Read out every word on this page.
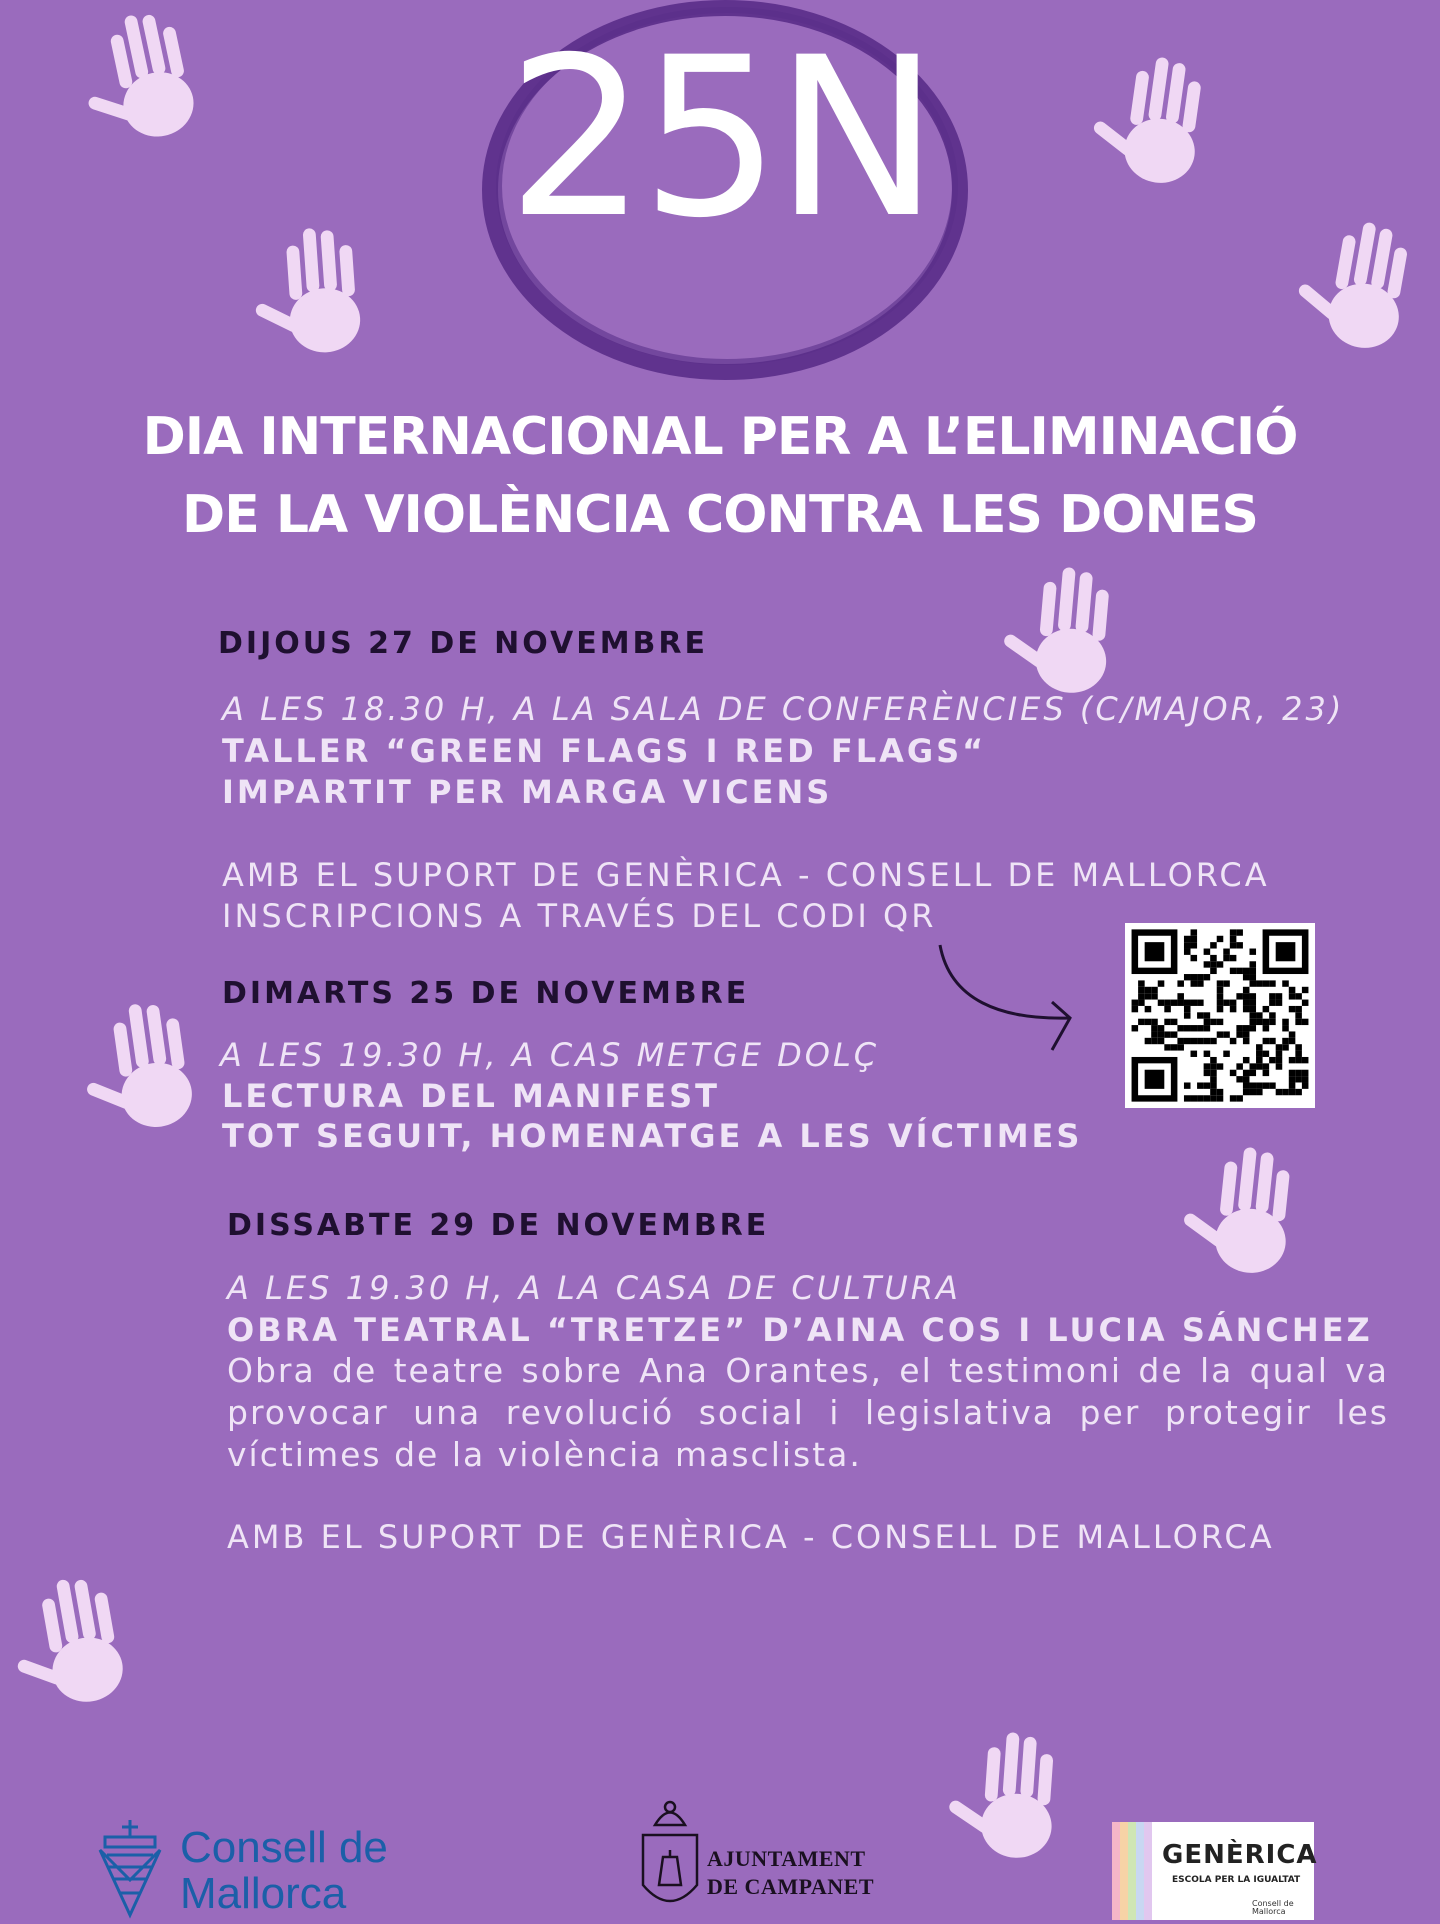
25N
DIA INTERNACIONAL PER A L’ELIMINACIÓ
DE LA VIOLÈNCIA CONTRA LES DONES
DIJOUS 27 DE NOVEMBRE
A LES 18.30 H, A LA SALA DE CONFERÈNCIES (C/MAJOR, 23)
TALLER “GREEN FLAGS I RED FLAGS“
IMPARTIT PER MARGA VICENS
AMB EL SUPORT DE GENÈRICA - CONSELL DE MALLORCA
INSCRIPCIONS A TRAVÉS DEL CODI QR
DIMARTS 25 DE NOVEMBRE
A LES 19.30 H, A CAS METGE DOLÇ
LECTURA DEL MANIFEST
TOT SEGUIT, HOMENATGE A LES VÍCTIMES
DISSABTE 29 DE NOVEMBRE
A LES 19.30 H, A LA CASA DE CULTURA
OBRA TEATRAL “TRETZE” D’AINA COS I LUCIA SÁNCHEZ
Obra de teatre sobre Ana Orantes, el testimoni de la qual va provocar una revolució social i legislativa per protegir les víctimes de la violència masclista.
AMB EL SUPORT DE GENÈRICA - CONSELL DE MALLORCA
Consell de
Mallorca
AJUNTAMENT
DE CAMPANET
GENÈRICA
ESCOLA PER LA IGUALTAT
Consell de Mallorca
